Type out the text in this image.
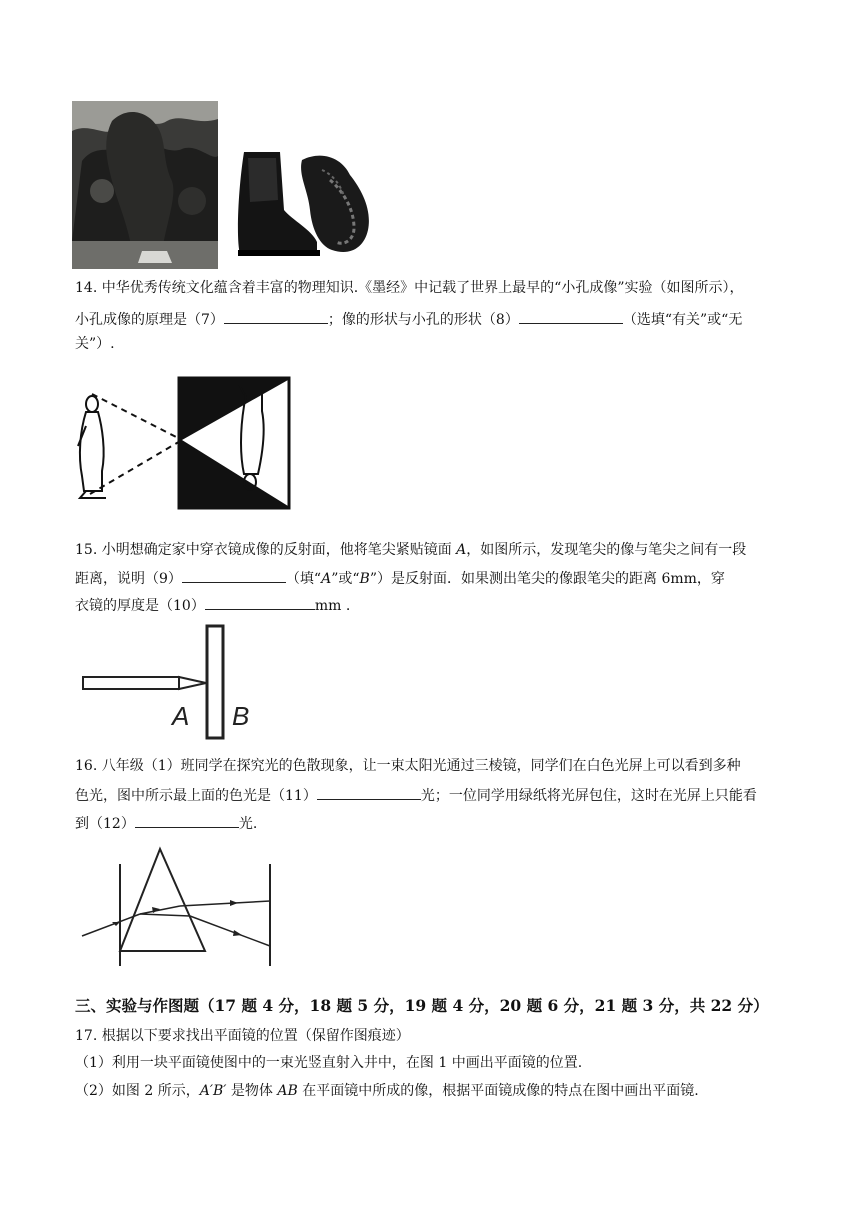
14. 中华优秀传统文化蕴含着丰富的物理知识.《墨经》中记载了世界上最早的“小孔成像”实验（如图所示），
小孔成像的原理是（7）	；像的形状与小孔的形状（8）	（选填“有关”或“无
关”）.
15. 小明想确定家中穿衣镜成像的反射面，他将笔尖紧贴镜面 A，如图所示，发现笔尖的像与笔尖之间有一段
距离，说明（9）	（填“A”或“B”）是反射面．如果测出笔尖的像跟笔尖的距离 6mm，穿
衣镜的厚度是（10）	mm .
A B
16. 八年级（1）班同学在探究光的色散现象，让一束太阳光通过三棱镜，同学们在白色光屏上可以看到多种
色光，图中所示最上面的色光是（11）	光；一位同学用绿纸将光屏包住，这时在光屏上只能看
到（12）	光.
三、实验与作图题（17 题 4 分，18 题 5 分，19 题 4 分，20 题 6 分，21 题 3 分，共 22 分）
17. 根据以下要求找出平面镜的位置（保留作图痕迹）
（1）利用一块平面镜使图中的一束光竖直射入井中，在图 1 中画出平面镜的位置.
（2）如图 2 所示，A′B′ 是物体 AB 在平面镜中所成的像，根据平面镜成像的特点在图中画出平面镜.
